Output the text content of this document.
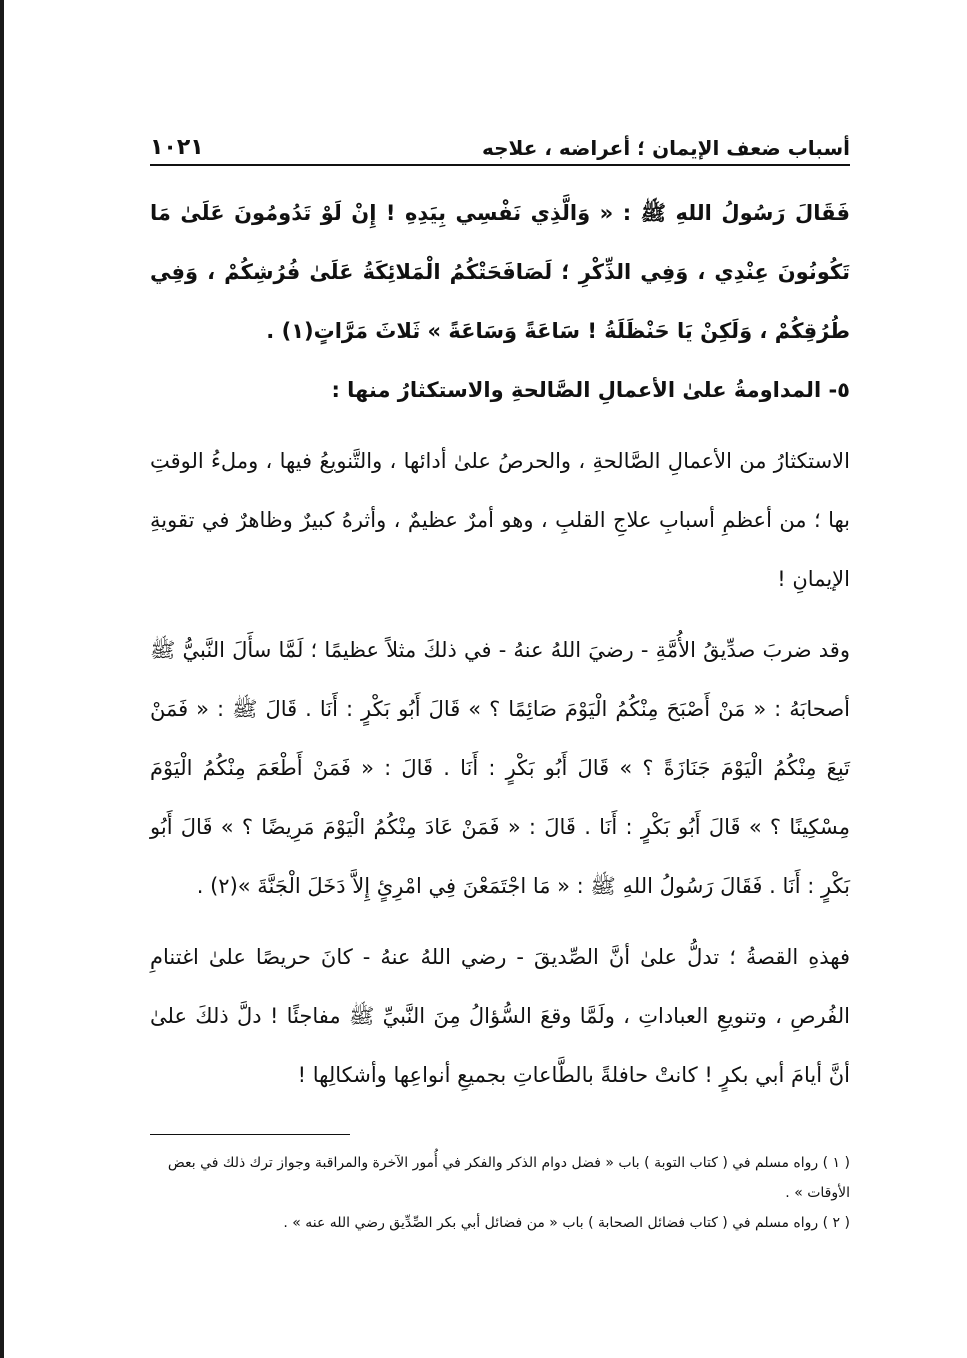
أسباب ضعف الإيمان ؛ أعراضه ، علاجه
١٠٢١

فَقَالَ رَسُولُ اللهِ ﷺ : « وَالَّذِي نَفْسِي بِيَدِهِ ! إِنْ لَوْ تَدُومُونَ عَلَىٰ مَا تَكُونُونَ عِنْدِي ، وَفِي الذِّكْرِ ؛ لَصَافَحَتْكُمُ الْمَلائِكَةُ عَلَىٰ فُرُشِكُمْ ، وَفِي طُرُقِكُمْ ، وَلَكِنْ يَا حَنْظَلَةُ ! سَاعَةً وَسَاعَةً » ثَلاثَ مَرَّاتٍ(١) .

٥- المداومةُ علىٰ الأعمالِ الصَّالحةِ والاستكثارُ منها :

الاستكثارُ من الأعمالِ الصَّالحةِ ، والحرصُ علىٰ أدائها ، والتَّنويعُ فيها ، وملءُ الوقتِ بها ؛ من أعظمِ أسبابِ علاجِ القلبِ ، وهو أمرٌ عظيمٌ ، وأثرهُ كبيرٌ وظاهرٌ في تقويةِ الإيمانِ !

وقد ضربَ صدِّيقُ الأُمَّةِ - رضيَ اللهُ عنهُ - في ذلكَ مثلاً عظيمًا ؛ لَمَّا سأَلَ النَّبيُّ ﷺ أصحابَهُ : « مَنْ أَصْبَحَ مِنْكُمُ الْيَوْمَ صَائِمًا ؟ » قَالَ أَبُو بَكْرٍ : أَنَا . قَالَ ﷺ : « فَمَنْ تَبِعَ مِنْكُمُ الْيَوْمَ جَنَازَةً ؟ » قَالَ أَبُو بَكْرٍ : أَنَا . قَالَ : « فَمَنْ أَطْعَمَ مِنْكُمُ الْيَوْمَ مِسْكِينًا ؟ » قَالَ أَبُو بَكْرٍ : أَنَا . قَالَ : « فَمَنْ عَادَ مِنْكُمُ الْيَوْمَ مَرِيضًا ؟ » قَالَ أَبُو بَكْرٍ : أَنَا . فَقَالَ رَسُولُ اللهِ ﷺ : « مَا اجْتَمَعْنَ فِي امْرِئٍ إِلاَّ دَخَلَ الْجَنَّةَ »(٢) .

فهذهِ القصةُ ؛ تدلُّ علىٰ أنَّ الصِّديقَ - رضي اللهُ عنهُ - كانَ حريصًا علىٰ اغتنامِ الفُرصِ ، وتنويعِ العباداتِ ، ولَمَّا وقعَ السُّؤالُ مِنَ النَّبيِّ ﷺ مفاجئًا ! دلَّ ذلكَ علىٰ أنَّ أيامَ أبي بكرٍ ! كانتْ حافلةً بالطَّاعاتِ بجميعِ أنواعِها وأشكالِها !

( ١ ) رواه مسلم في ( كتاب التوبة ) باب « فضل دوام الذكر والفكر في أُمور الآخرة والمراقبة وجواز ترك ذلك في بعض الأوقات » .

( ٢ ) رواه مسلم في ( كتاب فضائل الصحابة ) باب « من فضائل أبي بكر الصِّدِّيق رضي الله عنه » .
